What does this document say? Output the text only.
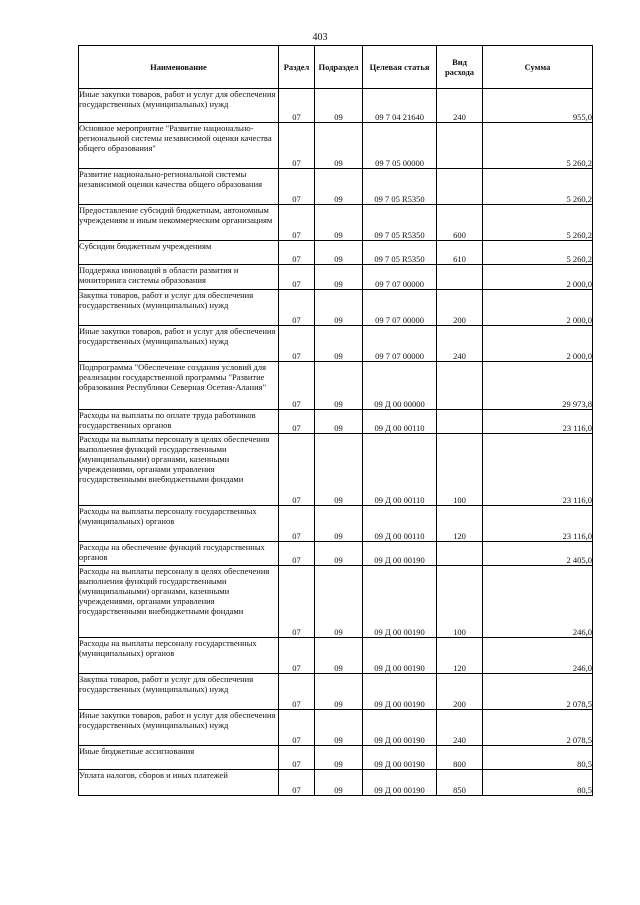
403
Наименование	Раздел	Подраздел	Целевая статья	Вид расхода	Сумма
Иные закупки товаров, работ и услуг для обеспечения государственных (муниципальных) нужд	07	09	09 7 04 21640	240	955,0
Основное мероприятие "Развитие национально-региональной системы независимой оценки качества общего образования"	07	09	09 7 05 00000		5 260,2
Развитие национально-региональной системы независимой оценки качества общего образования	07	09	09 7 05 R5350		5 260,2
Предоставление субсидий бюджетным, автономным учреждениям и иным некоммерческим организациям	07	09	09 7 05 R5350	600	5 260,2
Субсидии бюджетным учреждениям	07	09	09 7 05 R5350	610	5 260,2
Поддержка инноваций в области развития и мониторинга системы образования	07	09	09 7 07 00000		2 000,0
Закупка товаров, работ и услуг для обеспечения государственных (муниципальных) нужд	07	09	09 7 07 00000	200	2 000,0
Иные закупки товаров, работ и услуг для обеспечения государственных (муниципальных) нужд	07	09	09 7 07 00000	240	2 000,0
Подпрограмма "Обеспечение создания условий для реализации государственной программы "Развитие образования Республики Северная Осетия-Алания"	07	09	09 Д 00 00000		29 973,8
Расходы на выплаты по оплате труда работников государственных органов	07	09	09 Д 00 00110		23 116,0
Расходы на выплаты персоналу в целях обеспечения выполнения функций государственными (муниципальными) органами, казенными учреждениями, органами управления государственными внебюджетными фондами	07	09	09 Д 00 00110	100	23 116,0
Расходы на выплаты персоналу государственных (муниципальных) органов	07	09	09 Д 00 00110	120	23 116,0
Расходы на обеспечение функций государственных органов	07	09	09 Д 00 00190		2 405,0
Расходы на выплаты персоналу в целях обеспечения выполнения функций государственными (муниципальными) органами, казенными учреждениями, органами управления государственными внебюджетными фондами	07	09	09 Д 00 00190	100	246,0
Расходы на выплаты персоналу государственных (муниципальных) органов	07	09	09 Д 00 00190	120	246,0
Закупка товаров, работ и услуг для обеспечения государственных (муниципальных) нужд	07	09	09 Д 00 00190	200	2 078,5
Иные закупки товаров, работ и услуг для обеспечения государственных (муниципальных) нужд	07	09	09 Д 00 00190	240	2 078,5
Иные бюджетные ассигнования	07	09	09 Д 00 00190	800	80,5
Уплата налогов, сборов и иных платежей	07	09	09 Д 00 00190	850	80,5
